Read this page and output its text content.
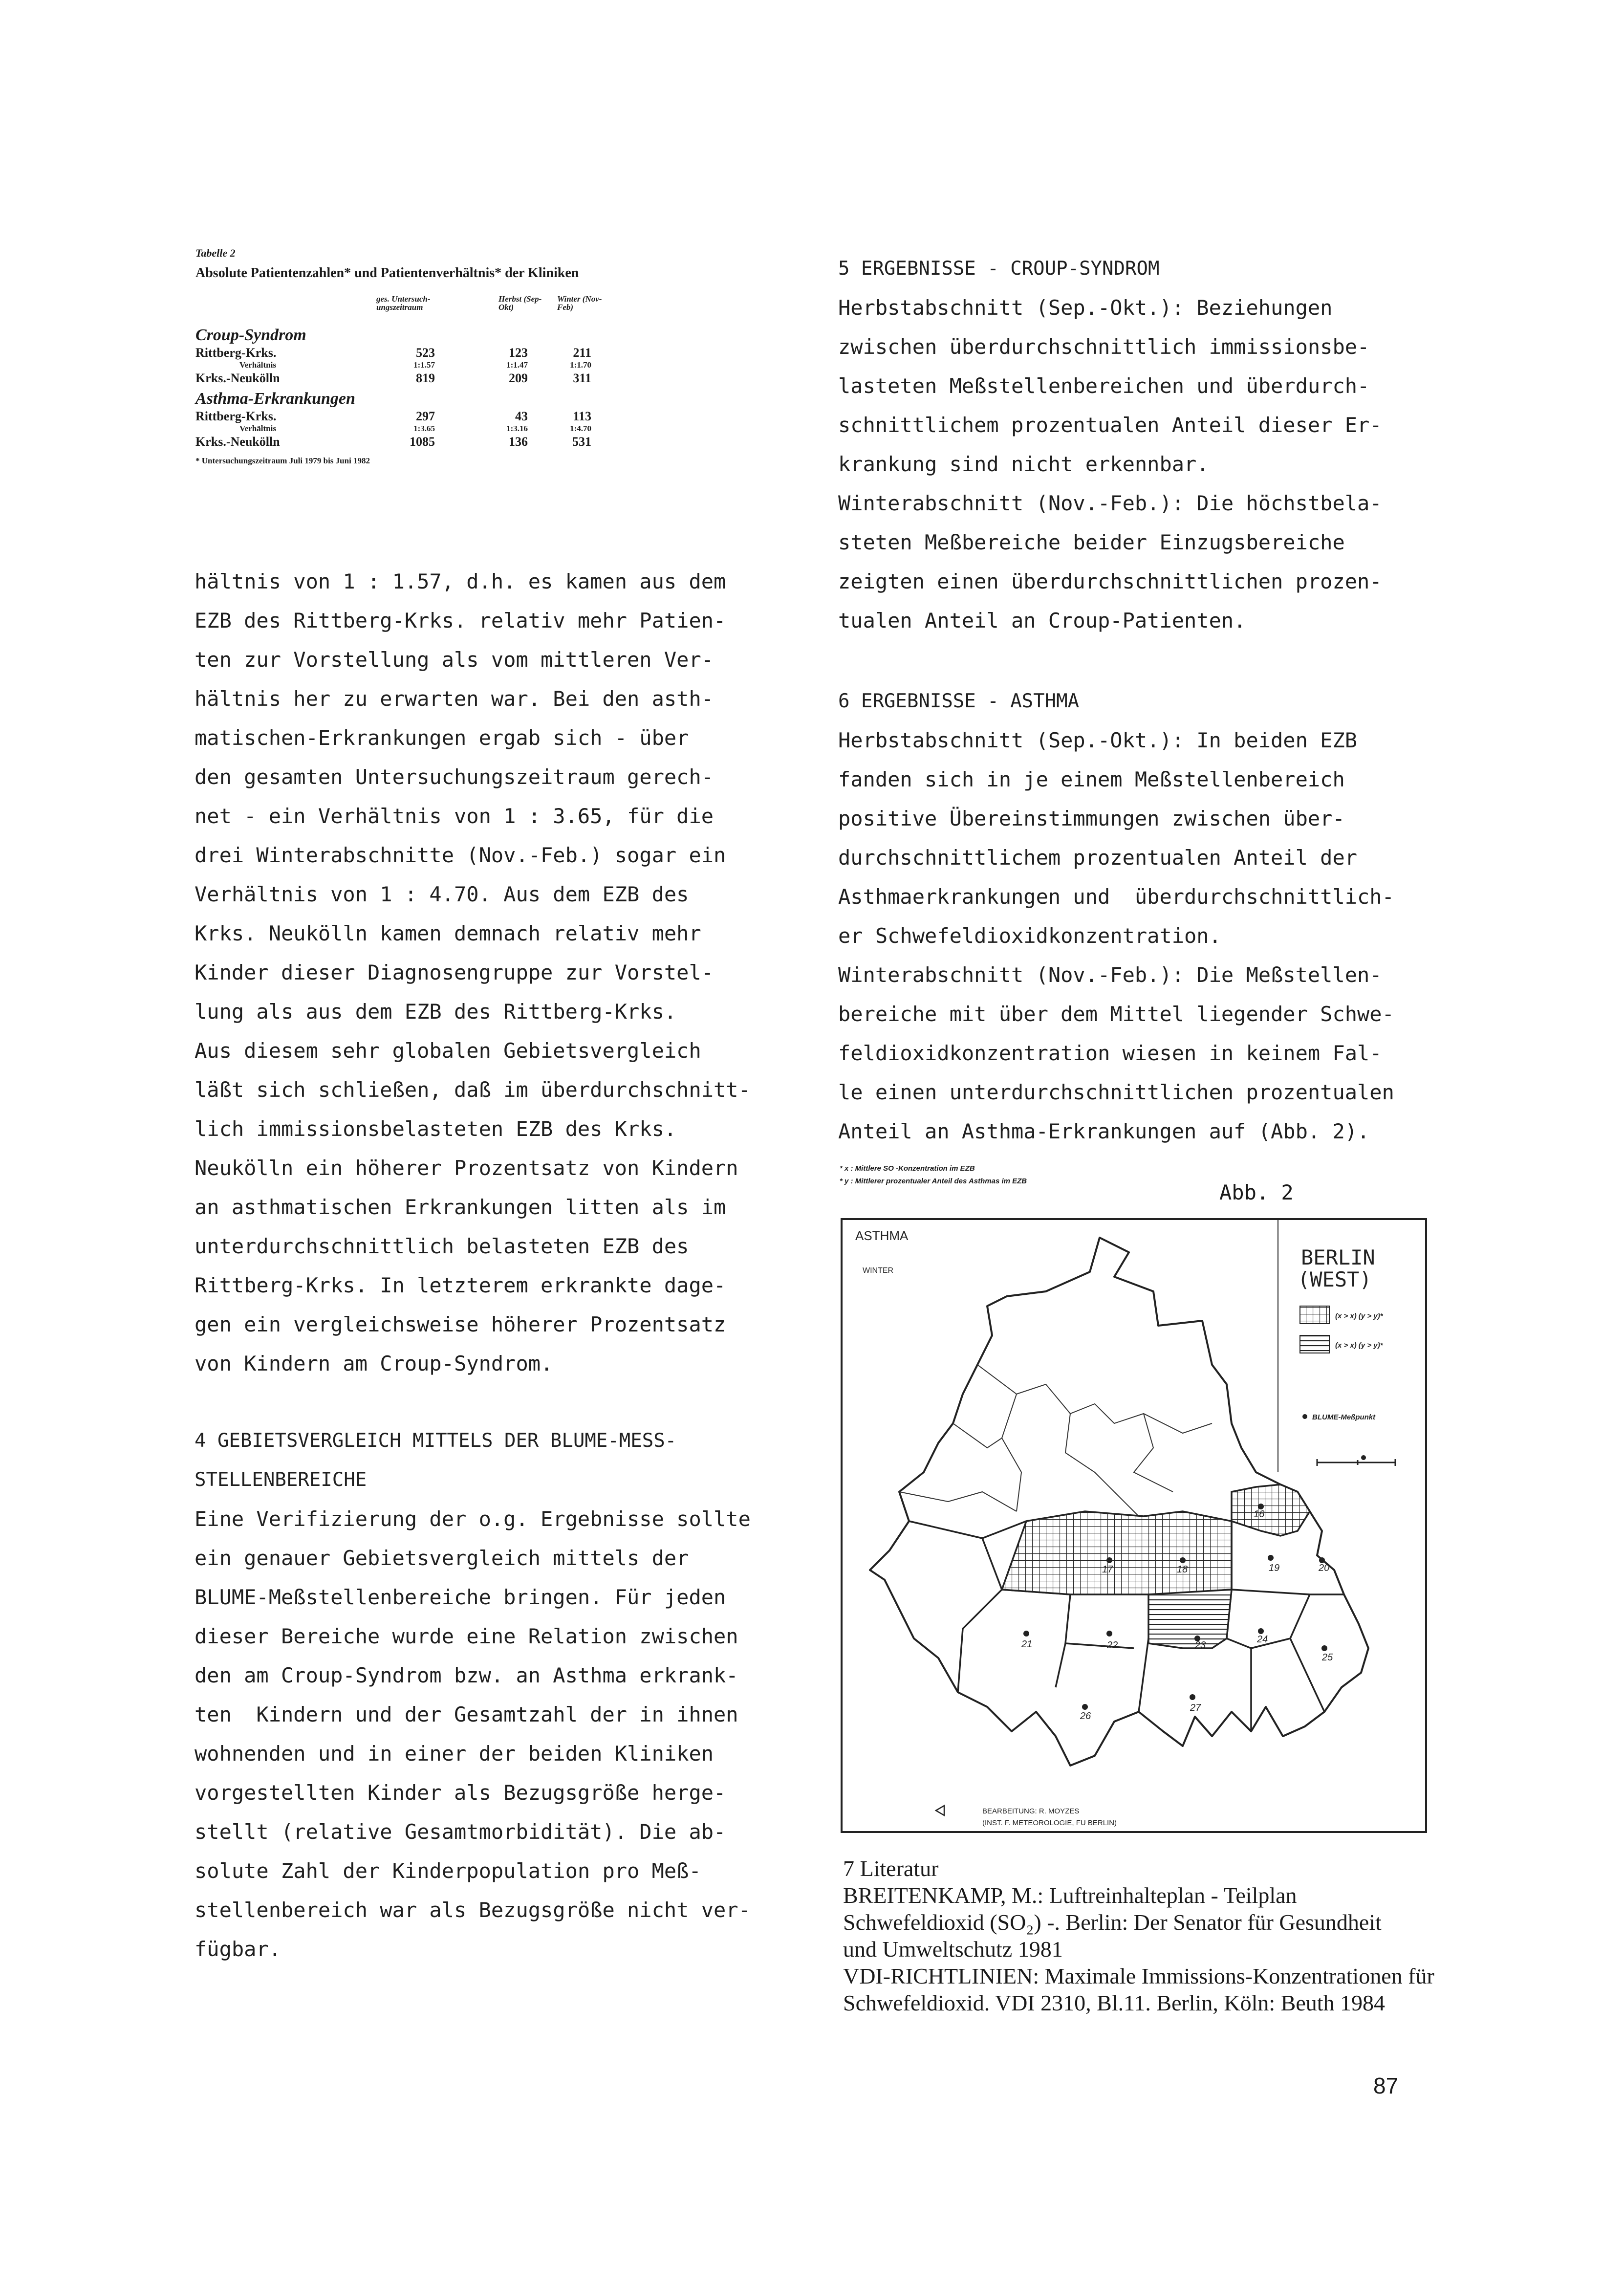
Tabelle 2
Absolute Patientenzahlen* und Patientenverhältnis* der Kliniken
ges. Untersuch-ungszeitraum
Herbst (Sep-Okt)
Winter (Nov-Feb)
Croup-Syndrom
Rittberg-Krks.	523	123	211
Verhältnis	1:1.57	1:1.47	1:1.70
Krks.-Neukölln	819	209	311
Asthma-Erkrankungen
Rittberg-Krks.	297	43	113
Verhältnis	1:3.65	1:3.16	1:4.70
Krks.-Neukölln	1085	136	531
* Untersuchungszeitraum Juli 1979 bis Juni 1982

hältnis von 1 : 1.57, d.h. es kamen aus dem

EZB des Rittberg-Krks. relativ mehr Patien-

ten zur Vorstellung als vom mittleren Ver-

hältnis her zu erwarten war. Bei den asth-

matischen-Erkrankungen ergab sich - über

den gesamten Untersuchungszeitraum gerech-

net - ein Verhältnis von 1 : 3.65, für die

drei Winterabschnitte (Nov.-Feb.) sogar ein

Verhältnis von 1 : 4.70. Aus dem EZB des

Krks. Neukölln kamen demnach relativ mehr

Kinder dieser Diagnosengruppe zur Vorstel-

lung als aus dem EZB des Rittberg-Krks.

Aus diesem sehr globalen Gebietsvergleich

läßt sich schließen, daß im überdurchschnitt-

lich immissionsbelasteten EZB des Krks.

Neukölln ein höherer Prozentsatz von Kindern

an asthmatischen Erkrankungen litten als im

unterdurchschnittlich belasteten EZB des

Rittberg-Krks. In letzterem erkrankte dage-

gen ein vergleichsweise höherer Prozentsatz

von Kindern am Croup-Syndrom.

4 GEBIETSVERGLEICH MITTELS DER BLUME-MESS-

STELLENBEREICHE

Eine Verifizierung der o.g. Ergebnisse sollte

ein genauer Gebietsvergleich mittels der

BLUME-Meßstellenbereiche bringen. Für jeden

dieser Bereiche wurde eine Relation zwischen

den am Croup-Syndrom bzw. an Asthma erkrank-

ten  Kindern und der Gesamtzahl der in ihnen

wohnenden und in einer der beiden Kliniken

vorgestellten Kinder als Bezugsgröße herge-

stellt (relative Gesamtmorbidität). Die ab-

solute Zahl der Kinderpopulation pro Meß-

stellenbereich war als Bezugsgröße nicht ver-

fügbar.

5 ERGEBNISSE - CROUP-SYNDROM

Herbstabschnitt (Sep.-Okt.): Beziehungen

zwischen überdurchschnittlich immissionsbe-

lasteten Meßstellenbereichen und überdurch-

schnittlichem prozentualen Anteil dieser Er-

krankung sind nicht erkennbar.

Winterabschnitt (Nov.-Feb.): Die höchstbela-

steten Meßbereiche beider Einzugsbereiche

zeigten einen überdurchschnittlichen prozen-

tualen Anteil an Croup-Patienten.

6 ERGEBNISSE - ASTHMA

Herbstabschnitt (Sep.-Okt.): In beiden EZB

fanden sich in je einem Meßstellenbereich

positive Übereinstimmungen zwischen über-

durchschnittlichem prozentualen Anteil der

Asthmaerkrankungen und  überdurchschnittlich-

er Schwefeldioxidkonzentration.

Winterabschnitt (Nov.-Feb.): Die Meßstellen-

bereiche mit über dem Mittel liegender Schwe-

feldioxidkonzentration wiesen in keinem Fal-

le einen unterdurchschnittlichen prozentualen

Anteil an Asthma-Erkrankungen auf (Abb. 2).

* x : Mittlere SO -Konzentration im EZB
* y : Mittlerer prozentualer Anteil des Asthmas im EZB	Abb. 2
16
17	18	19	20
21	22	23
24
25
26
27
ASTHMA
WINTER
BERLIN
(WEST)
(x > x) (y > y)*
(x > x) (y > y)*
BLUME-Meßpunkt
BEARBEITUNG: R. MOYZES
(INST. F. METEOROLOGIE, FU BERLIN)

7 Literatur

BREITENKAMP, M.: Luftreinhalteplan - Teilplan

Schwefeldioxid (SO₂) -. Berlin: Der Senator für Gesundheit

und Umweltschutz 1981

VDI-RICHTLINIEN: Maximale Immissions-Konzentrationen für

Schwefeldioxid. VDI 2310, Bl.11. Berlin, Köln: Beuth 1984

87
